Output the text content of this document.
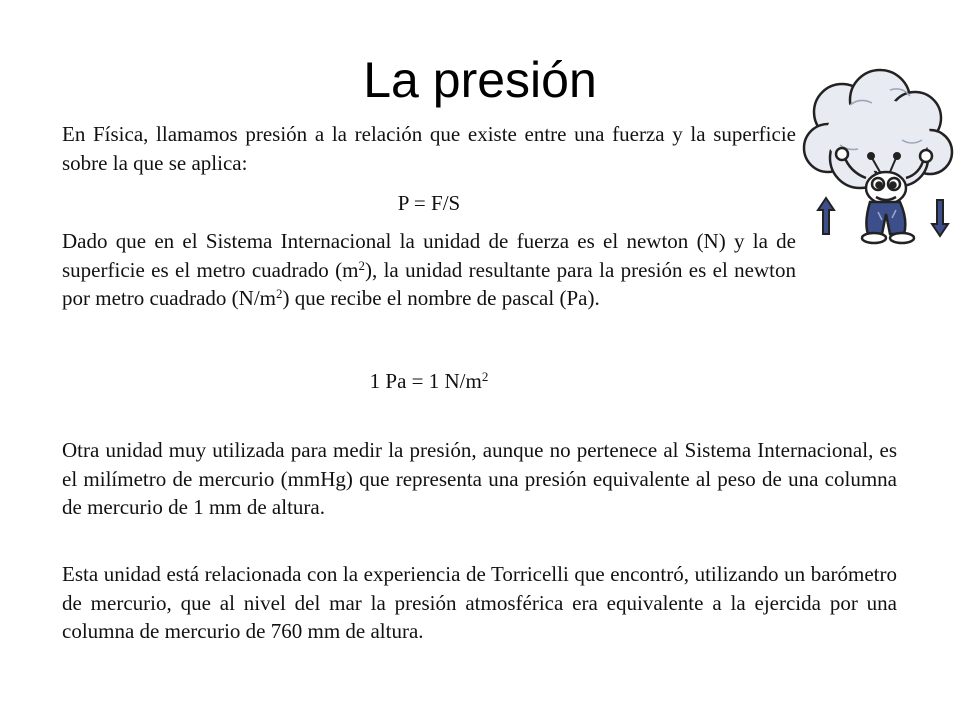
La presión

En Física, llamamos presión a la relación que existe entre una fuerza y la superficie sobre la que se aplica:

P = F/S

Dado que en el Sistema Internacional la unidad de fuerza es el newton (N) y la de superficie es el metro cuadrado $(m^2)$, la unidad resultante para la presión es el newton por metro cuadrado $(N/m^2)$ que recibe el nombre de pascal (Pa).

1 Pa = 1 $N/m^2$

Otra unidad muy utilizada para medir la presión, aunque no pertenece al Sistema Internacional, es el milímetro de mercurio (mmHg) que representa una presión equivalente al peso de una columna de mercurio de 1 mm de altura.

Esta unidad está relacionada con la experiencia de Torricelli que encontró, utilizando un barómetro de mercurio, que al nivel del mar la presión atmosférica era equivalente a la ejercida por una columna de mercurio de 760 mm de altura.
